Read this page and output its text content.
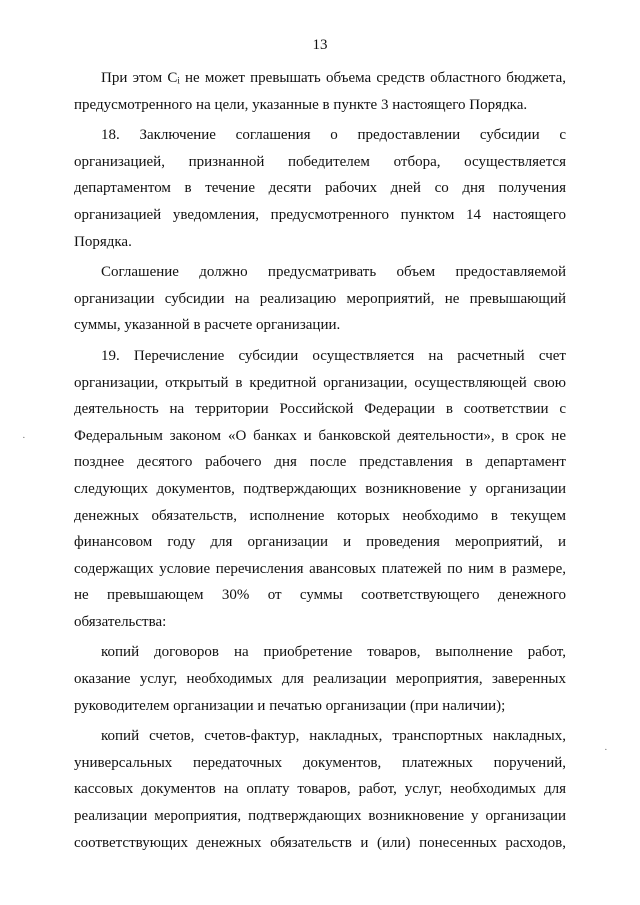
13
При этом Cᵢ не может превышать объема средств областного бюджета,
предусмотренного на цели, указанные в пункте 3 настоящего Порядка.
18. Заключение соглашения о предоставлении субсидии с
организацией, признанной победителем отбора, осуществляется
департаментом в течение десяти рабочих дней со дня получения
организацией уведомления, предусмотренного пунктом 14 настоящего
Порядка.
Соглашение должно предусматривать объем предоставляемой
организации субсидии на реализацию мероприятий, не превышающий
суммы, указанной в расчете организации.
19. Перечисление субсидии осуществляется на расчетный счет
организации, открытый в кредитной организации, осуществляющей свою
деятельность на территории Российской Федерации в соответствии с
Федеральным законом «О банках и банковской деятельности», в срок не
позднее десятого рабочего дня после представления в департамент
следующих документов, подтверждающих возникновение у организации
денежных обязательств, исполнение которых необходимо в текущем
финансовом году для организации и проведения мероприятий, и
содержащих условие перечисления авансовых платежей по ним в размере,
не превышающем 30% от суммы соответствующего денежного
обязательства:
копий договоров на приобретение товаров, выполнение работ,
оказание услуг, необходимых для реализации мероприятия, заверенных
руководителем организации и печатью организации (при наличии);
копий счетов, счетов-фактур, накладных, транспортных накладных,
универсальных передаточных документов, платежных поручений,
кассовых документов на оплату товаров, работ, услуг, необходимых для
реализации мероприятия, подтверждающих возникновение у организации
соответствующих денежных обязательств и (или) понесенных расходов,
·
·
